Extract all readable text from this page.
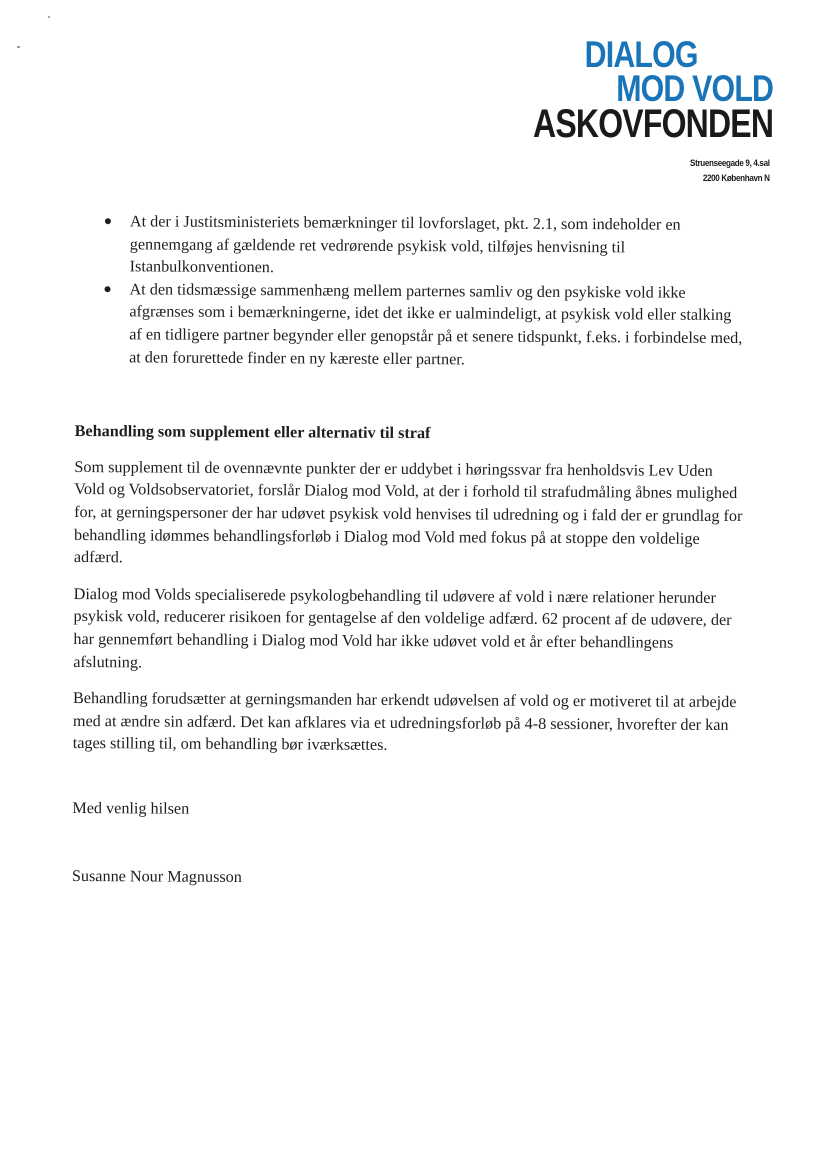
DIALOG
MOD VOLD
ASKOVFONDEN
Struenseegade 9, 4.sal
2200 København N
At der i Justitsministeriets bemærkninger til lovforslaget, pkt. 2.1, som indeholder en gennemgang af gældende ret vedrørende psykisk vold, tilføjes henvisning til Istanbulkonventionen.
At den tidsmæssige sammenhæng mellem parternes samliv og den psykiske vold ikke afgrænses som i bemærkningerne, idet det ikke er ualmindeligt, at psykisk vold eller stalking af en tidligere partner begynder eller genopstår på et senere tidspunkt, f.eks. i forbindelse med, at den forurettede finder en ny kæreste eller partner.
Behandling som supplement eller alternativ til straf

Som supplement til de ovennævnte punkter der er uddybet i høringssvar fra henholdsvis Lev Uden Vold og Voldsobservatoriet, forslår Dialog mod Vold, at der i forhold til strafudmåling åbnes mulighed for, at gerningspersoner der har udøvet psykisk vold henvises til udredning og i fald der er grundlag for behandling idømmes behandlingsforløb i Dialog mod Vold med fokus på at stoppe den voldelige adfærd.

Dialog mod Volds specialiserede psykologbehandling til udøvere af vold i nære relationer herunder psykisk vold, reducerer risikoen for gentagelse af den voldelige adfærd. 62 procent af de udøvere, der har gennemført behandling i Dialog mod Vold har ikke udøvet vold et år efter behandlingens afslutning.

Behandling forudsætter at gerningsmanden har erkendt udøvelsen af vold og er motiveret til at arbejde med at ændre sin adfærd. Det kan afklares via et udredningsforløb på 4-8 sessioner, hvorefter der kan tages stilling til, om behandling bør iværksættes.

Med venlig hilsen
Susanne Nour Magnusson
